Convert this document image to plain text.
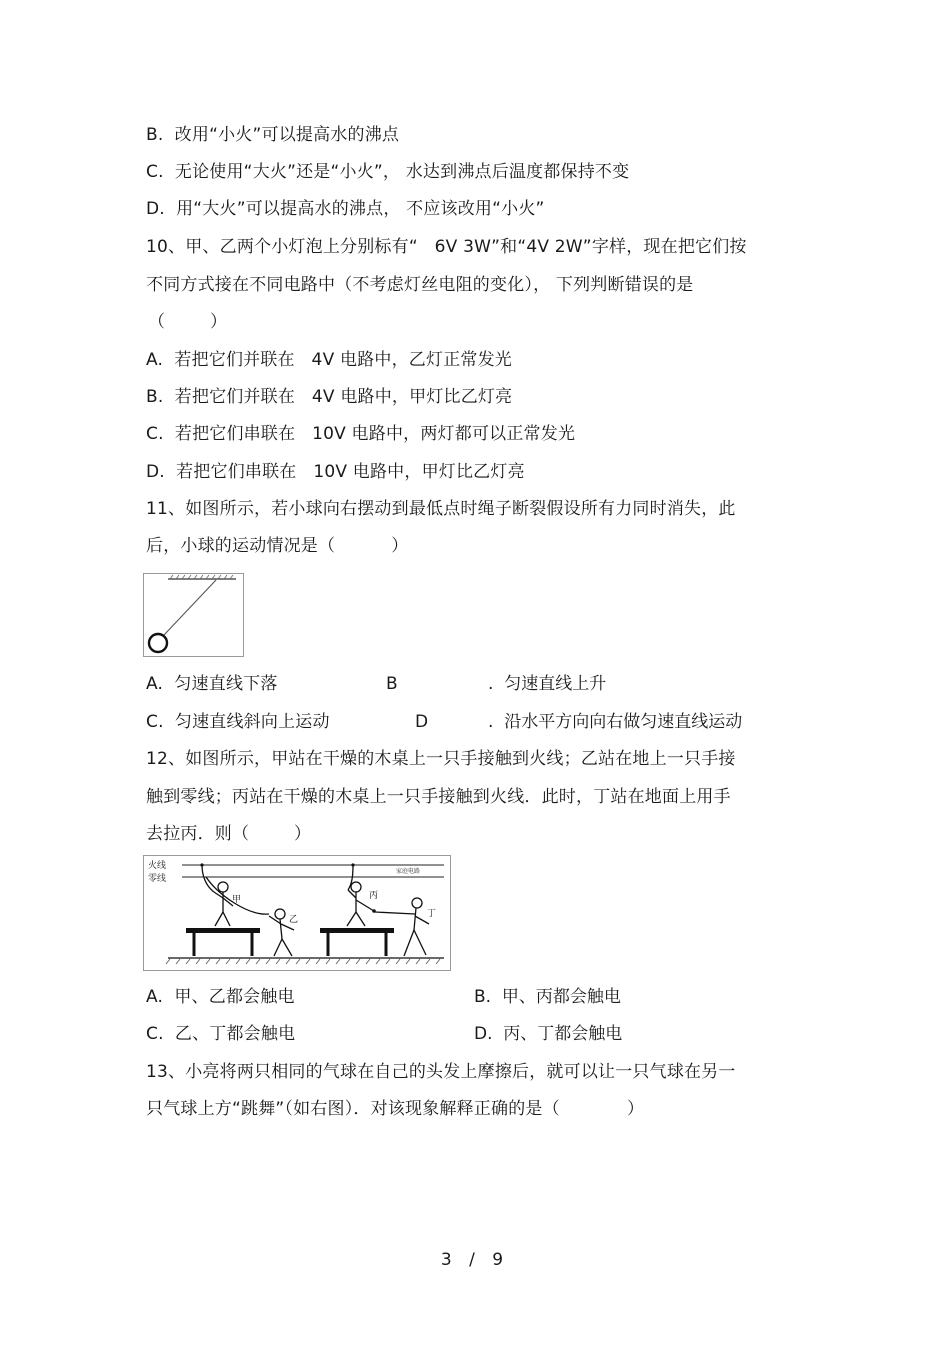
B.  改用“小火”可以提高水的沸点
C.  无论使用“大火”还是“小火”， 水达到沸点后温度都保持不变
D.  用“大火”可以提高水的沸点， 不应该改用“小火”
10、甲、乙两个小灯泡上分别标有“   6V 3W”和“4V 2W”字样，现在把它们按
不同方式接在不同电路中（不考虑灯丝电阻的变化）， 下列判断错误的是
（        ）
A.  若把它们并联在   4V 电路中，乙灯正常发光
B.  若把它们并联在   4V 电路中，甲灯比乙灯亮
C.  若把它们串联在   10V 电路中，两灯都可以正常发光
D.  若把它们串联在   10V 电路中，甲灯比乙灯亮
11、如图所示，若小球向右摆动到最低点时绳子断裂假设所有力同时消失，此
后，小球的运动情况是（          ）
A.  匀速直线下落	B	.  匀速直线上升
C.  匀速直线斜向上运动	D	.  沿水平方向向右做匀速直线运动
12、如图所示，甲站在干燥的木桌上一只手接触到火线；乙站在地上一只手接
触到零线；丙站在干燥的木桌上一只手接触到火线．此时，丁站在地面上用手
去拉丙．则（        ）
火线
零线
家庭电路
甲
乙
丙
丁
A.  甲、乙都会触电	B.  甲、丙都会触电
C.  乙、丁都会触电	D.  丙、丁都会触电
13、小亮将两只相同的气球在自己的头发上摩擦后，就可以让一只气球在另一
只气球上方“跳舞”（如右图）．对该现象解释正确的是（            ）
3 / 9
